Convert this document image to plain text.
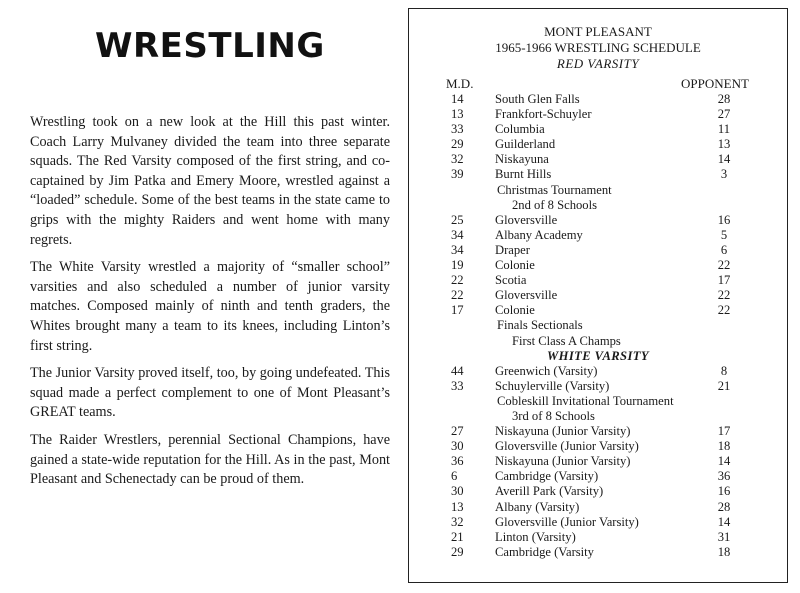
WRESTLING

Wrestling took on a new look at the Hill this past winter. Coach Larry Mulvaney divided the team into three separate squads. The Red Varsity composed of the first string, and co-captained by Jim Patka and Emery Moore, wrestled against a “loaded” schedule. Some of the best teams in the state came to grips with the mighty Raiders and went home with many regrets.

The White Varsity wrestled a majority of “smaller school” varsities and also scheduled a number of junior varsity matches. Composed mainly of ninth and tenth graders, the Whites brought many a team to its knees, including Linton’s first string.

The Junior Varsity proved itself, too, by going undefeated. This squad made a perfect complement to one of Mont Pleasant’s GREAT teams.

The Raider Wrestlers, perennial Sectional Champions, have gained a state-wide reputation for the Hill. As in the past, Mont Pleasant and Schenectady can be proud of them.

MONT PLEASANT
1965-1966 WRESTLING SCHEDULE
RED VARSITY
M.D.	OPPONENT
14 South Glen Falls	28
13 Frankfort-Schuyler	27
33 Columbia	11
29 Guilderland	13
32 Niskayuna	14
39 Burnt Hills	3
Christmas Tournament
2nd of 8 Schools
25 Gloversville	16
34 Albany Academy	5
34 Draper	6
19 Colonie	22
22 Scotia	17
22 Gloversville	22
17 Colonie	22
Finals Sectionals
First Class A Champs
WHITE VARSITY
44 Greenwich (Varsity)	8
33 Schuylerville (Varsity)	21
Cobleskill Invitational Tournament
3rd of 8 Schools
27 Niskayuna (Junior Varsity)	17
30 Gloversville (Junior Varsity)	18
36 Niskayuna (Junior Varsity)	14
6	Cambridge (Varsity)	36
30 Averill Park (Varsity)	16
13 Albany (Varsity)	28
32 Gloversville (Junior Varsity)	14
21 Linton (Varsity)	31
29 Cambridge (Varsity	18
